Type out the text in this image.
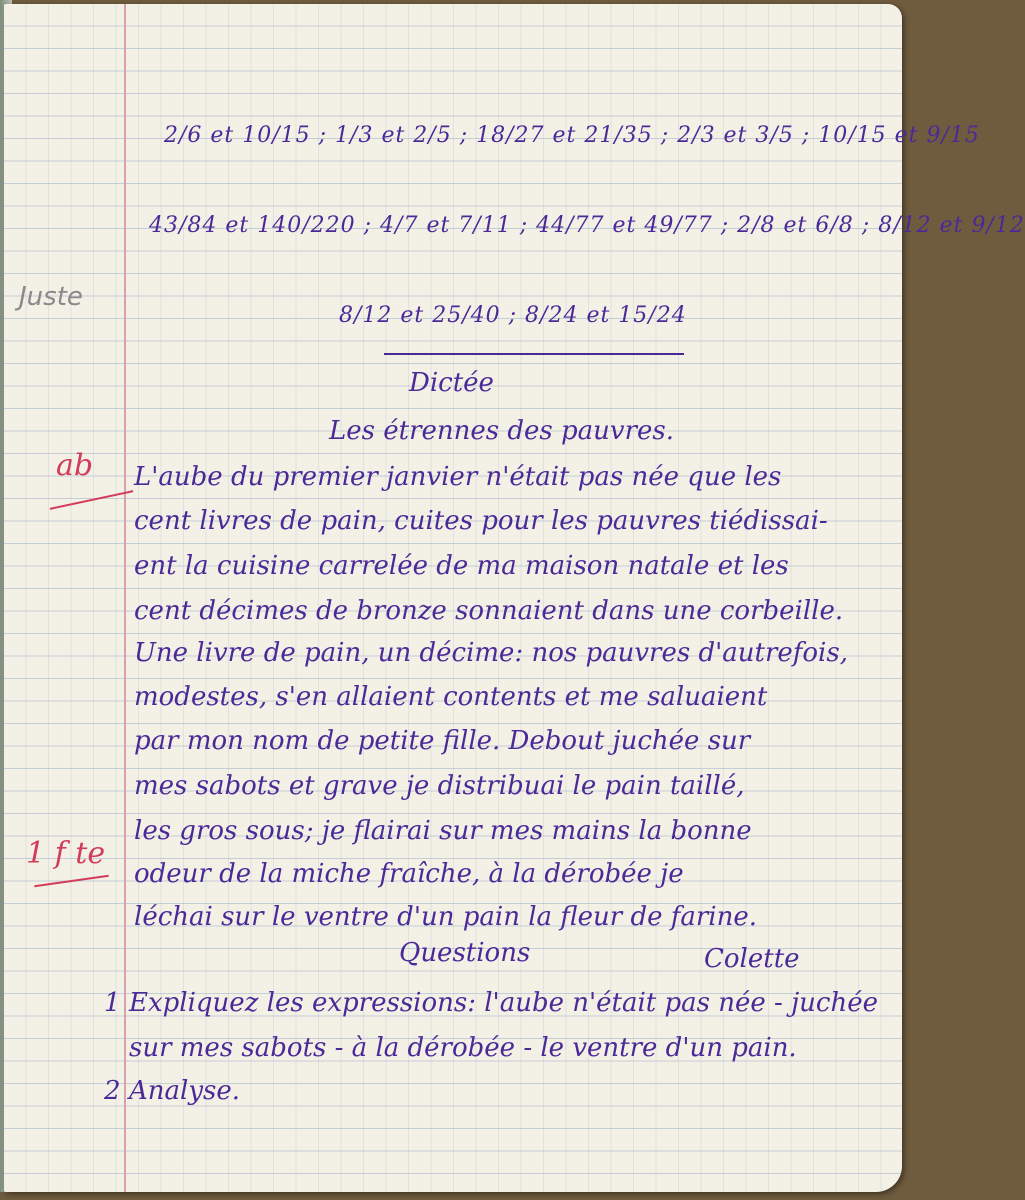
2/6 et 10/15 ; 1/3 et 2/5 ; 18/27 et 21/35 ; 2/3 et 3/5 ; 10/15 et 9/15
43/84 et 140/220 ; 4/7 et 7/11 ; 44/77 et 49/77 ; 2/8 et 6/8 ; 8/12 et 9/12
8/12 et 25/40 ; 8/24 et 15/24
Juste
ab
1 f te
Dictée
Les étrennes des pauvres.
L'aube du premier janvier n'était pas née que les
cent livres de pain, cuites pour les pauvres tiédissai-
ent la cuisine carrelée de ma maison natale et les
cent décimes de bronze sonnaient dans une corbeille.
Une livre de pain, un décime: nos pauvres d'autrefois,
modestes, s'en allaient contents et me saluaient
par mon nom de petite fille. Debout juchée sur
mes sabots et grave je distribuai le pain taillé,
les gros sous; je flairai sur mes mains la bonne
odeur de la miche fraîche, à la dérobée je
léchai sur le ventre d'un pain la fleur de farine.
Questions	Colette
1 Expliquez les expressions: l'aube n'était pas née - juchée
sur mes sabots - à la dérobée - le ventre d'un pain.
2 Analyse.
